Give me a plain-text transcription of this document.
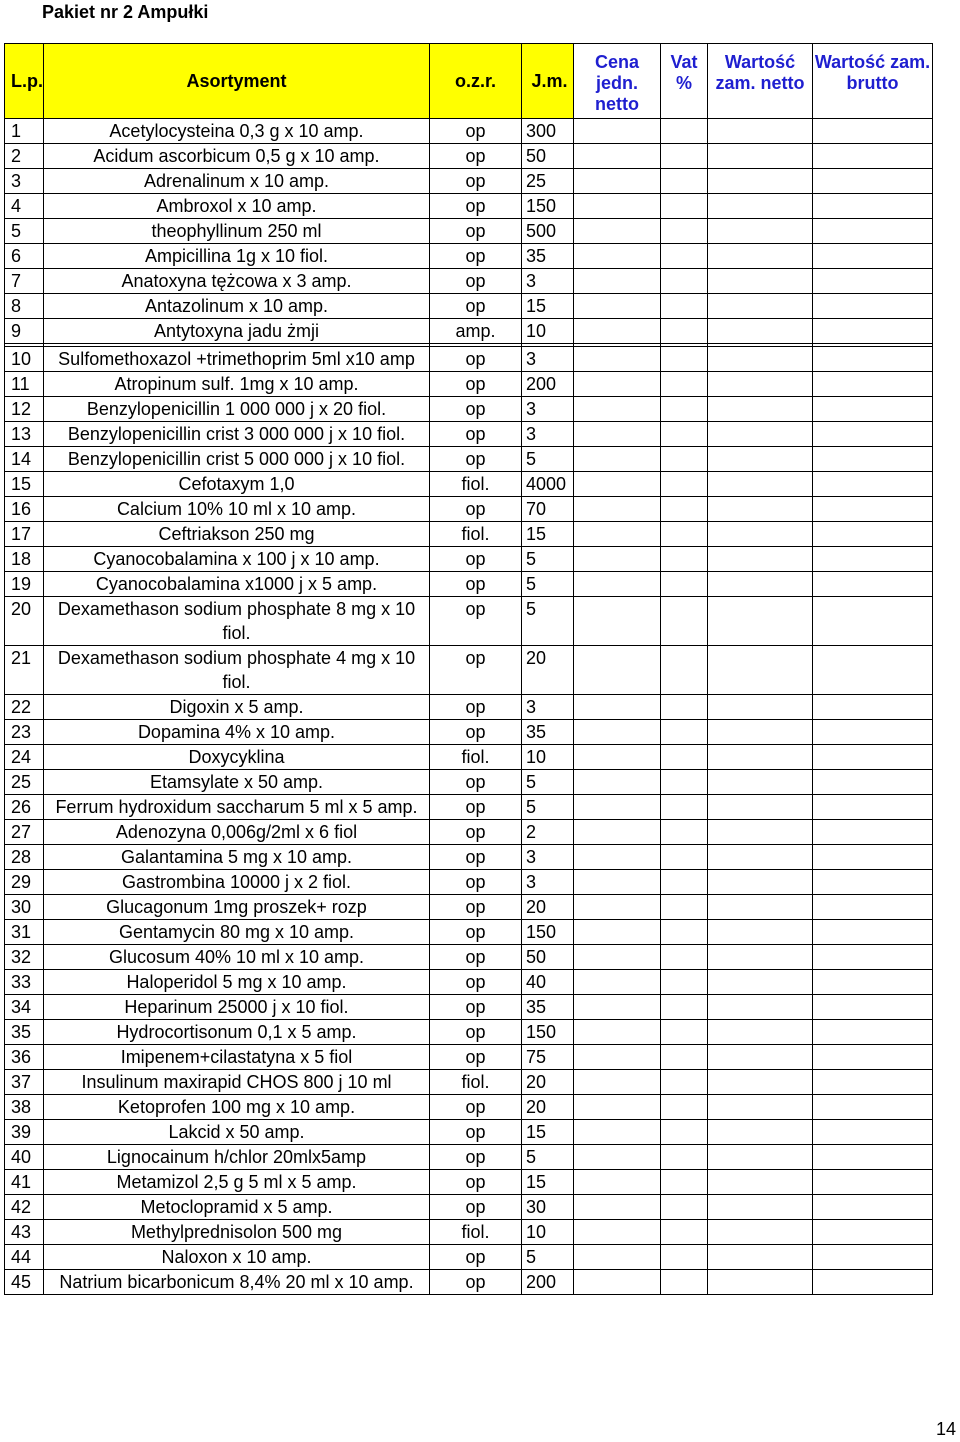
Pakiet nr 2 Ampułki
L.p.	Asortyment	o.z.r.	J.m.	Cena jedn. netto	Vat %	Wartość zam. netto	Wartość zam. brutto
1	Acetylocysteina 0,3 g x 10 amp.	op	300				
2	Acidum ascorbicum 0,5 g x 10 amp.	op	50				
3	Adrenalinum x 10 amp.	op	25				
4	Ambroxol x 10 amp.	op	150				
5	theophyllinum 250 ml	op	500				
6	Ampicillina 1g x 10 fiol.	op	35				
7	Anatoxyna tężcowa x 3 amp.	op	3				
8	Antazolinum x 10 amp.	op	15				
9	Antytoxyna jadu żmji	amp.	10				

10	Sulfomethoxazol +trimethoprim 5ml x10 amp	op	3				
11	Atropinum sulf. 1mg x 10 amp.	op	200				
12	Benzylopenicillin 1 000 000 j x 20 fiol.	op	3				
13	Benzylopenicillin crist 3 000 000 j x 10 fiol.	op	3				
14	Benzylopenicillin crist 5 000 000 j x 10 fiol.	op	5				
15	Cefotaxym 1,0	fiol.	4000				
16	Calcium 10% 10 ml x 10 amp.	op	70				
17	Ceftriakson 250 mg	fiol.	15				
18	Cyanocobalamina x 100 j x 10 amp.	op	5				
19	Cyanocobalamina x1000 j x 5 amp.	op	5				
20	Dexamethason sodium phosphate 8 mg x 10 fiol.	op	5				
21	Dexamethason sodium phosphate 4 mg x 10 fiol.	op	20				
22	Digoxin x 5 amp.	op	3				
23	Dopamina 4% x 10 amp.	op	35				
24	Doxycyklina	fiol.	10				
25	Etamsylate x 50 amp.	op	5				
26	Ferrum hydroxidum saccharum 5 ml x 5 amp.	op	5				
27	Adenozyna 0,006g/2ml x 6 fiol	op	2				
28	Galantamina 5 mg x 10 amp.	op	3				
29	Gastrombina 10000 j x 2 fiol.	op	3				
30	Glucagonum 1mg proszek+ rozp	op	20				
31	Gentamycin 80 mg x 10 amp.	op	150				
32	Glucosum 40% 10 ml x 10 amp.	op	50				
33	Haloperidol 5 mg x 10 amp.	op	40				
34	Heparinum 25000 j x 10 fiol.	op	35				
35	Hydrocortisonum 0,1 x 5 amp.	op	150				
36	Imipenem+cilastatyna x 5 fiol	op	75				
37	Insulinum maxirapid CHOS 800 j 10 ml	fiol.	20				
38	Ketoprofen 100 mg x 10 amp.	op	20				
39	Lakcid x 50 amp.	op	15				
40	Lignocainum h/chlor 20mlx5amp	op	5				
41	Metamizol 2,5 g 5 ml x 5 amp.	op	15				
42	Metoclopramid x 5 amp.	op	30				
43	Methylprednisolon 500 mg	fiol.	10				
44	Naloxon x 10 amp.	op	5				
45	Natrium bicarbonicum 8,4% 20 ml x 10 amp.	op	200				
14
